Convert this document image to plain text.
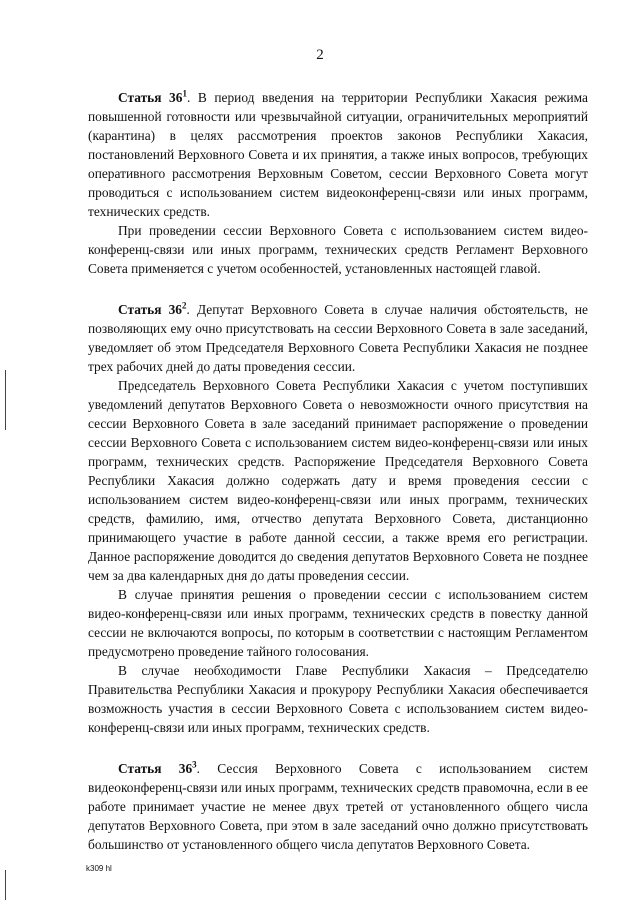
2

Статья $36^1$. В период введения на территории Республики Хакасия режима повышенной готовности или чрезвычайной ситуации, ограничительных мероприятий (карантина) в целях рассмотрения проектов законов Республики Хакасия, постановлений Верховного Совета и их принятия, а также иных вопросов, требующих оперативного рассмотрения Верховным Советом, сессии Верховного Совета могут проводиться с использованием систем видеоконференц-связи или иных программ, технических средств.

При проведении сессии Верховного Совета с использованием систем видео-конференц-связи или иных программ, технических средств Регламент Верховного Совета применяется с учетом особенностей, установленных настоящей главой.

Статья $36^2$. Депутат Верховного Совета в случае наличия обстоятельств, не позволяющих ему очно присутствовать на сессии Верховного Совета в зале заседаний, уведомляет об этом Председателя Верховного Совета Республики Хакасия не позднее трех рабочих дней до даты проведения сессии.

Председатель Верховного Совета Республики Хакасия с учетом поступивших уведомлений депутатов Верховного Совета о невозможности очного присутствия на сессии Верховного Совета в зале заседаний принимает распоряжение о проведении сессии Верховного Совета с использованием систем видео-конференц-связи или иных программ, технических средств. Распоряжение Председателя Верховного Совета Республики Хакасия должно содержать дату и время проведения сессии с использованием систем видео-конференц-связи или иных программ, технических средств, фамилию, имя, отчество депутата Верховного Совета, дистанционно принимающего участие в работе данной сессии, а также время его регистрации. Данное распоряжение доводится до сведения депутатов Верховного Совета не позднее чем за два календарных дня до даты проведения сессии.

В случае принятия решения о проведении сессии с использованием систем видео-конференц-связи или иных программ, технических средств в повестку данной сессии не включаются вопросы, по которым в соответствии с настоящим Регламентом предусмотрено проведение тайного голосования.

В случае необходимости Главе Республики Хакасия – Председателю Правительства Республики Хакасия и прокурору Республики Хакасия обеспечивается возможность участия в сессии Верховного Совета с использованием систем видео-конференц-связи или иных программ, технических средств.

Статья $36^3$. Сессия Верховного Совета с использованием систем видеоконференц-связи или иных программ, технических средств правомочна, если в ее работе принимает участие не менее двух третей от установленного общего числа депутатов Верховного Совета, при этом в зале заседаний очно должно присутствовать большинство от установленного общего числа депутатов Верховного Совета.

k309 hl
